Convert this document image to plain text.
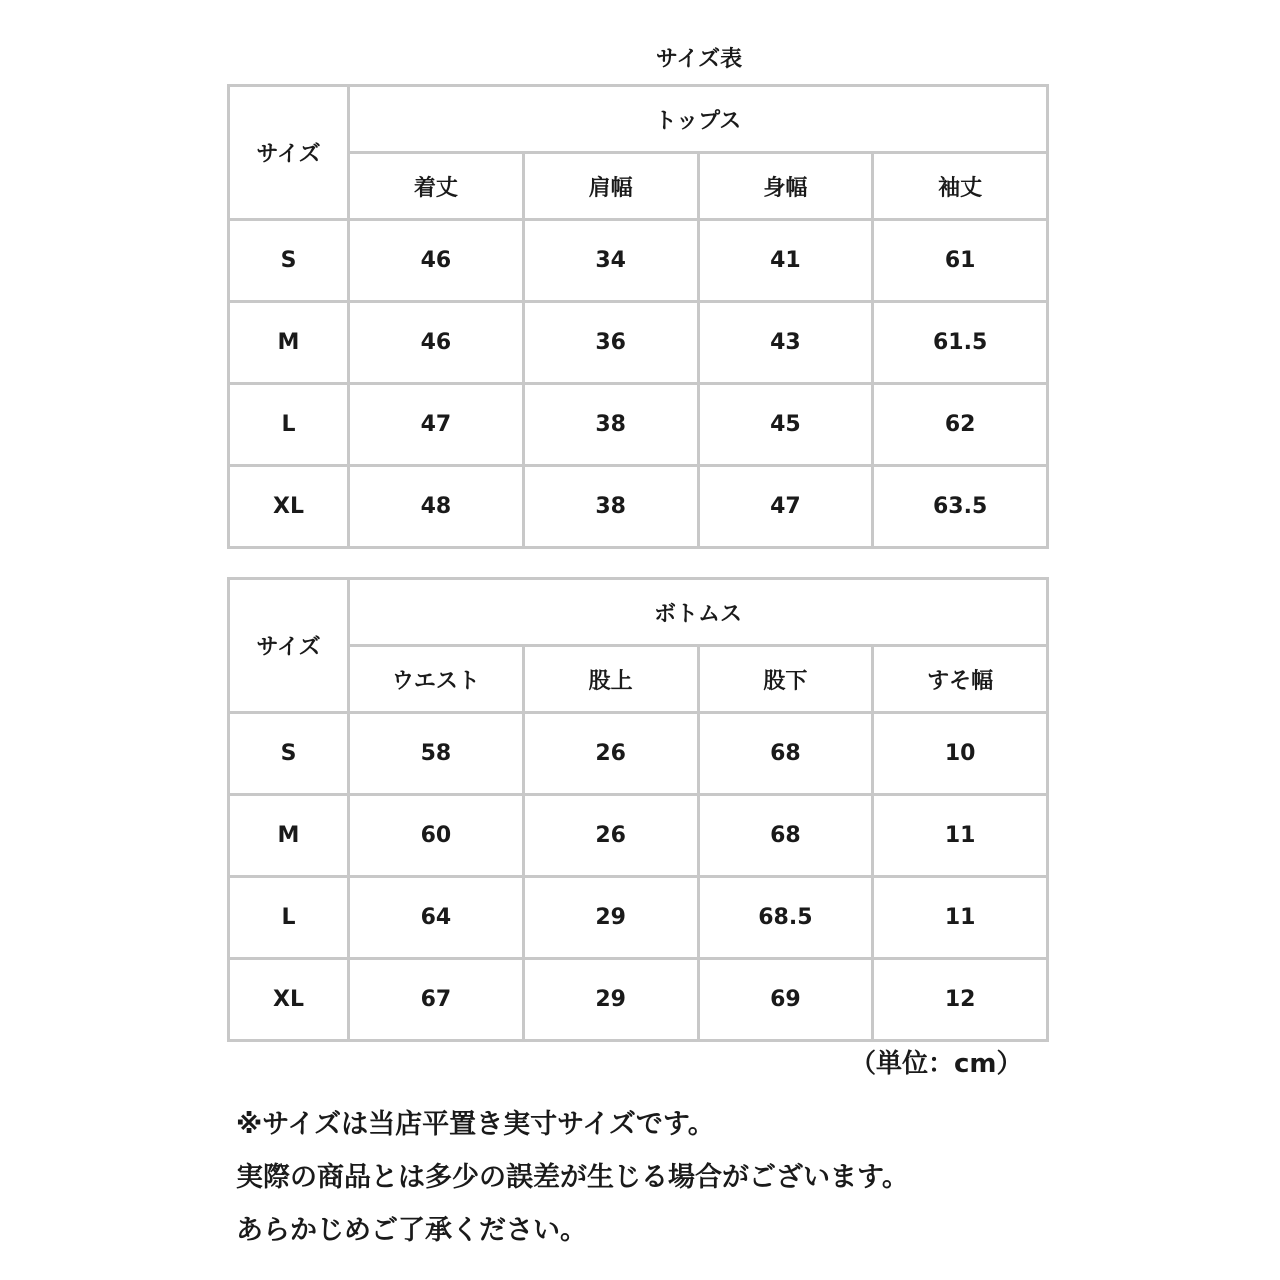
サイズ表
サイズ	トップス			
	着丈	肩幅	身幅	袖丈
S	46	34	41	61
M	46	36	43	61.5
L	47	38	45	62
XL	48	38	47	63.5
サイズ	ボトムス			
	ウエスト	股上	股下	すそ幅
S	58	26	68	10
M	60	26	68	11
L	64	29	68.5	11
XL	67	29	69	12
（単位：cm）
※サイズは当店平置き実寸サイズです。
実際の商品とは多少の誤差が生じる場合がございます。
あらかじめご了承ください。
